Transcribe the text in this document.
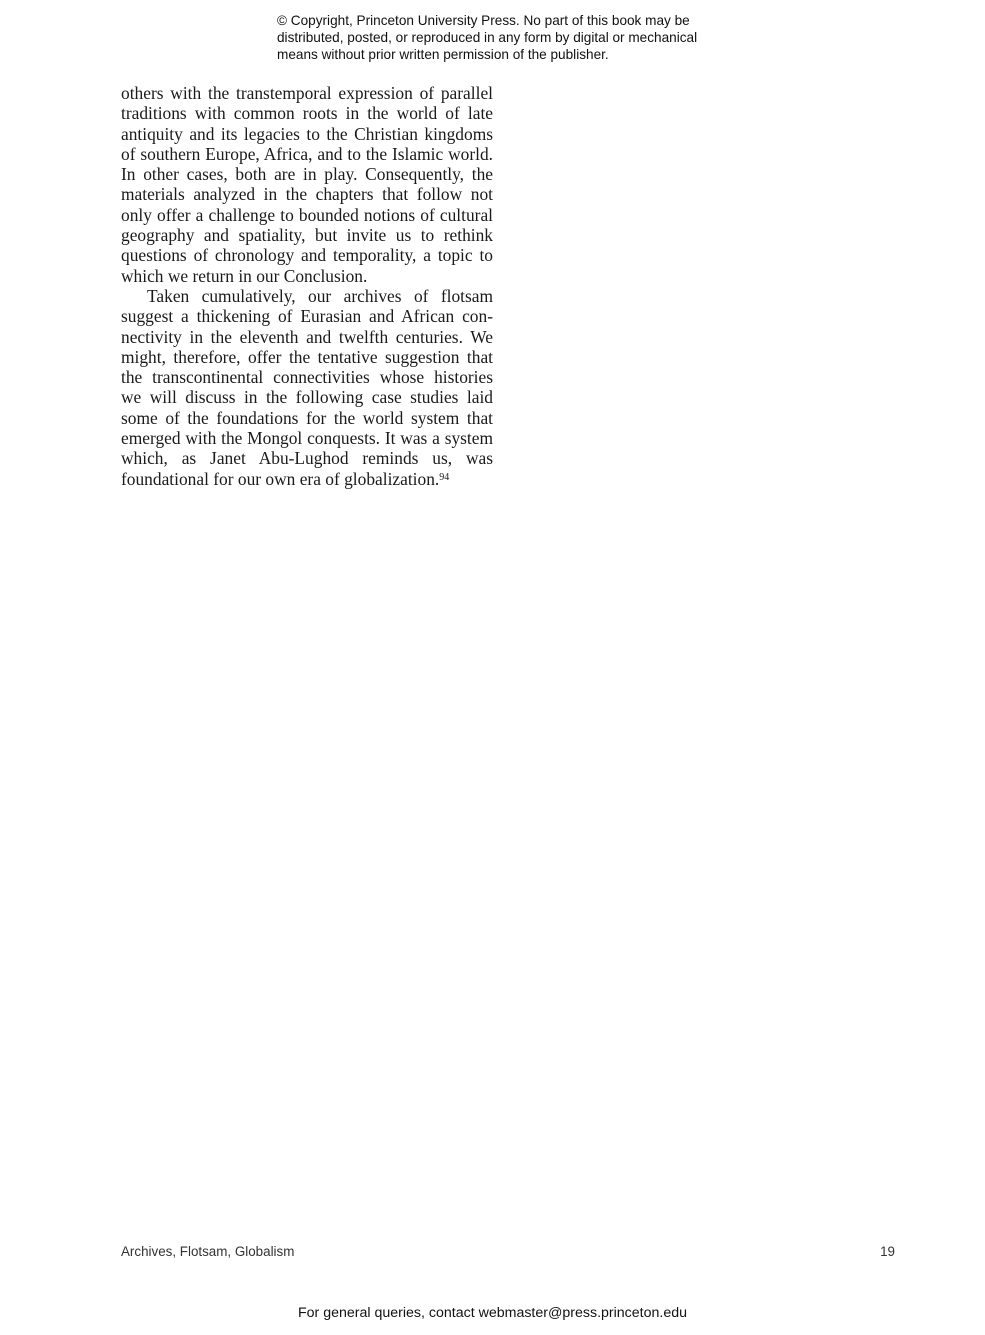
© Copyright, Princeton University Press. No part of this book may be
distributed, posted, or reproduced in any form by digital or mechanical
means without prior written permission of the publisher.

others with the transtemporal expression of parallel traditions with common roots in the world of late antiquity and its legacies to the Christian kingdoms of southern Europe, Africa, and to the Islamic world. In other cases, both are in play. Consequently, the materials analyzed in the chapters that follow not only offer a challenge to bounded notions of cultural geography and spatiality, but invite us to rethink questions of chronology and temporality, a topic to which we return in our Conclusion.

Taken cumulatively, our archives of flotsam suggest a thickening of Eurasian and African connectivity in the eleventh and twelfth centuries. We might, therefore, offer the tentative suggestion that the transcontinental connectivities whose histories we will discuss in the following case studies laid some of the foundations for the world system that emerged with the Mongol conquests. It was a system which, as Janet Abu-Lughod reminds us, was foundational for our own era of globalization.$^{94}$

Archives, Flotsam, Globalism	19
For general queries, contact webmaster@press.princeton.edu
